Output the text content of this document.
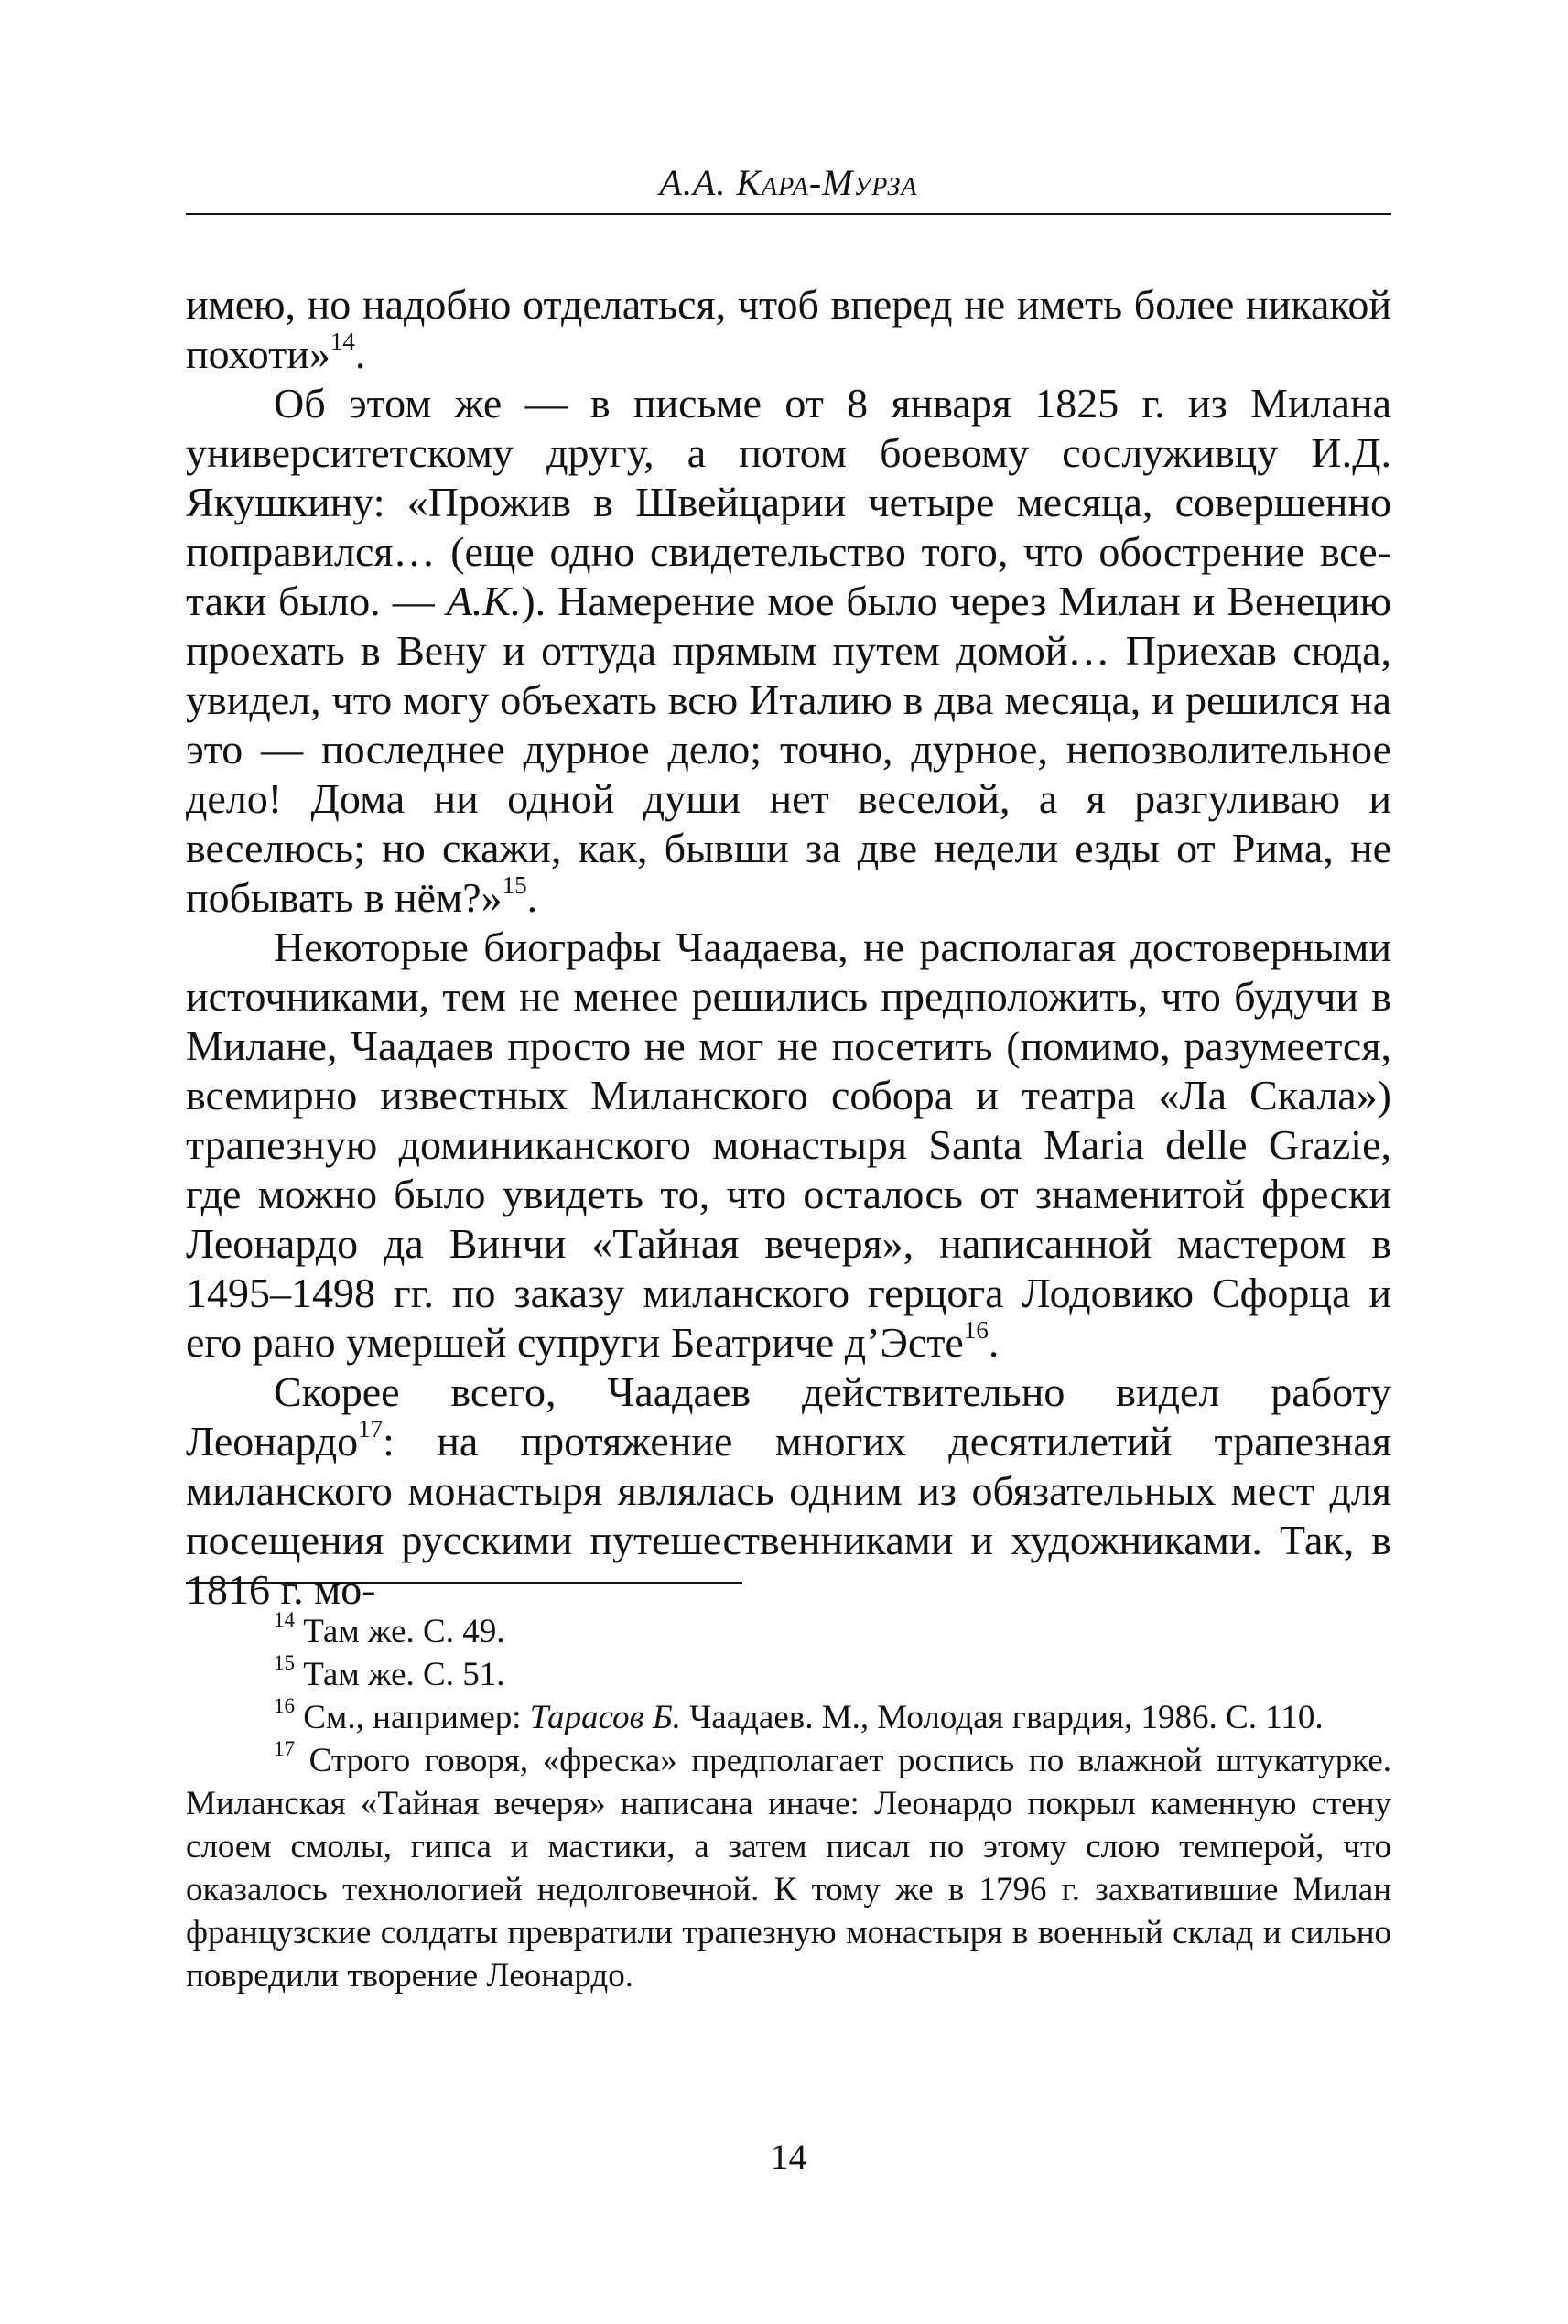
А.А. Кара-Мурза

имею, но надобно отделаться, чтоб вперед не иметь более никакой похоти»$^{14}$.

Об этом же — в письме от 8 января 1825 г. из Милана университетскому другу, а потом боевому сослуживцу И.Д. Якушкину: «Прожив в Швейцарии четыре месяца, совершенно поправился… (еще одно свидетельство того, что обострение все-таки было. — А.К.). Намерение мое было через Милан и Венецию проехать в Вену и оттуда прямым путем домой… Приехав сюда, увидел, что могу объехать всю Италию в два месяца, и решился на это — последнее дурное дело; точно, дурное, непозволительное дело! Дома ни одной души нет веселой, а я разгуливаю и веселюсь; но скажи, как, бывши за две недели езды от Рима, не побывать в нём?»$^{15}$.

Некоторые биографы Чаадаева, не располагая достоверными источниками, тем не менее решились предположить, что будучи в Милане, Чаадаев просто не мог не посетить (помимо, разумеется, всемирно известных Миланского собора и театра «Ла Скала») трапезную доминиканского монастыря Santa Maria delle Grazie, где можно было увидеть то, что осталось от знаменитой фрески Леонардо да Винчи «Тайная вечеря», написанной мастером в 1495–1498 гг. по заказу миланского герцога Лодовико Сфорца и его рано умершей супруги Беатриче д’Эсте$^{16}$.

Скорее всего, Чаадаев действительно видел работу Леонардо$^{17}$: на протяжение многих десятилетий трапезная миланского монастыря являлась одним из обязательных мест для посещения русскими путешественниками и художниками. Так, в 1816 г. мо-

$^{14}$ Там же. С. 49.

$^{15}$ Там же. С. 51.

$^{16}$ См., например: Тарасов Б. Чаадаев. М., Молодая гвардия, 1986. С. 110.

$^{17}$ Строго говоря, «фреска» предполагает роспись по влажной штукатурке. Миланская «Тайная вечеря» написана иначе: Леонардо покрыл каменную стену слоем смолы, гипса и мастики, а затем писал по этому слою темперой, что оказалось технологией недолговечной. К тому же в 1796 г. захватившие Милан французские солдаты превратили трапезную монастыря в военный склад и сильно повредили творение Леонардо.

14
